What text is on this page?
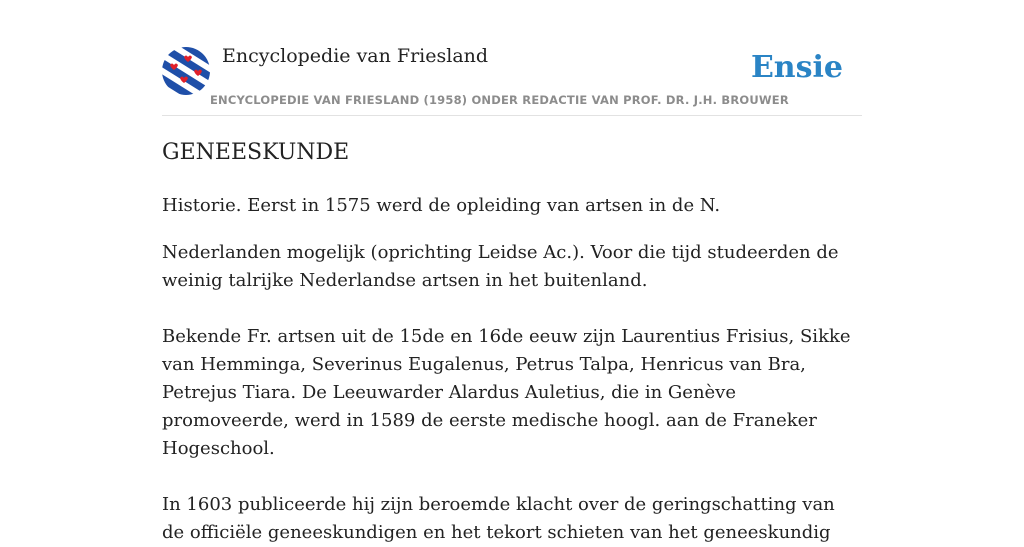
Encyclopedie van Friesland	Ensie
ENCYCLOPEDIE VAN FRIESLAND (1958) ONDER REDACTIE VAN PROF. DR. J.H. BROUWER
GENEESKUNDE

Historie. Eerst in 1575 werd de opleiding van artsen in de N.

Nederlanden mogelijk (oprichting Leidse Ac.). Voor die tijd studeerden de weinig talrijke Nederlandse artsen in het buitenland.

Bekende Fr. artsen uit de 15de en 16de eeuw zijn Laurentius Frisius, Sikke van Hemminga, Severinus Eugalenus, Petrus Talpa, Henricus van Bra, Petrejus Tiara. De Leeuwarder Alardus Auletius, die in Genève promoveerde, werd in 1589 de eerste medische hoogl. aan de Franeker Hogeschool.

In 1603 publiceerde hij zijn beroemde klacht over de geringschatting van de officiële geneeskundigen en het tekort schieten van het geneeskundig
